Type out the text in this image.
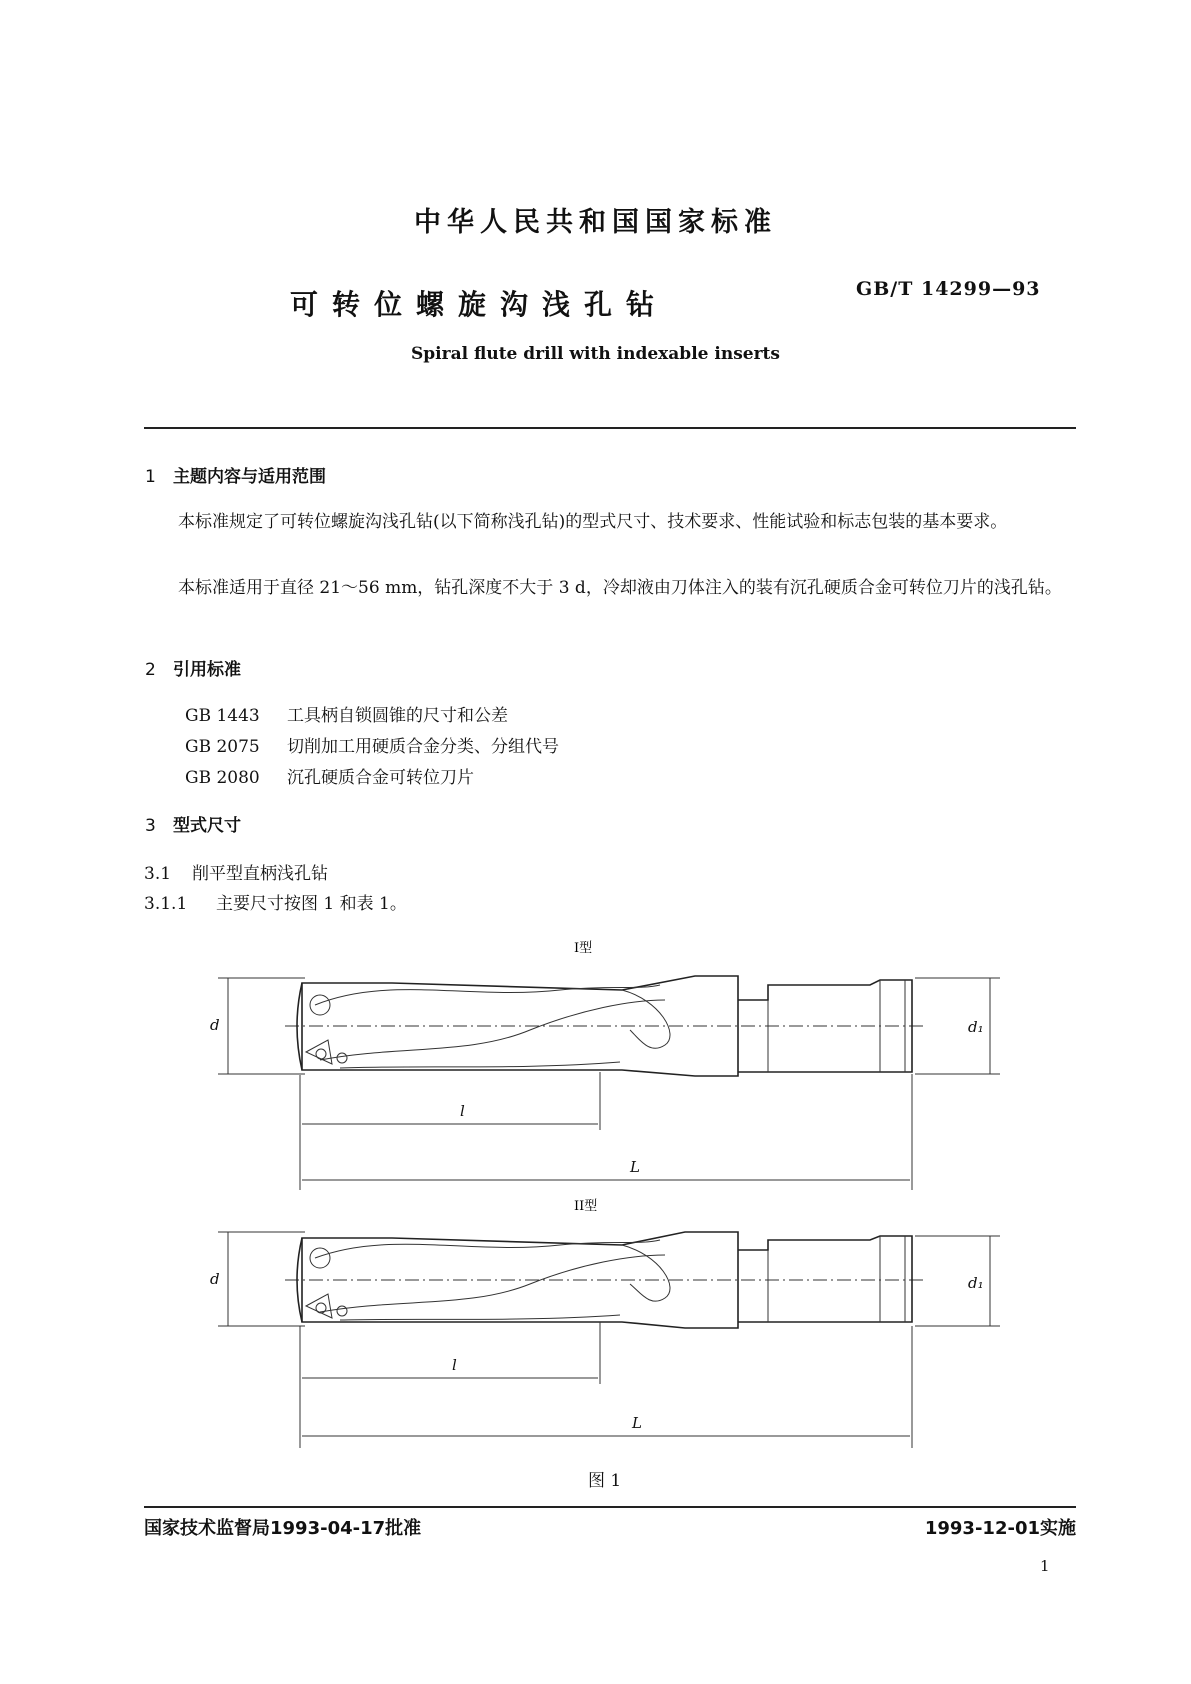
中华人民共和国国家标准
可转位螺旋沟浅孔钻	GB/T 14299—93
Spiral flute drill with indexable inserts
1 主题内容与适用范围
本标准规定了可转位螺旋沟浅孔钻(以下简称浅孔钻)的型式尺寸、技术要求、性能试验和标志包装的基本要求。
本标准适用于直径 21～56 mm，钻孔深度不大于 3 d，冷却液由刀体注入的装有沉孔硬质合金可转位刀片的浅孔钻。
2 引用标准
GB 1443 工具柄自锁圆锥的尺寸和公差
GB 2075 切削加工用硬质合金分类、分组代号
GB 2080 沉孔硬质合金可转位刀片
3 型式尺寸
3.1 削平型直柄浅孔钻
3.1.1 主要尺寸按图 1 和表 1。
d	d₁
l
L
I型
d	d₁
l
L
II型
图 1
国家技术监督局1993-04-17批准	1993-12-01实施
1
